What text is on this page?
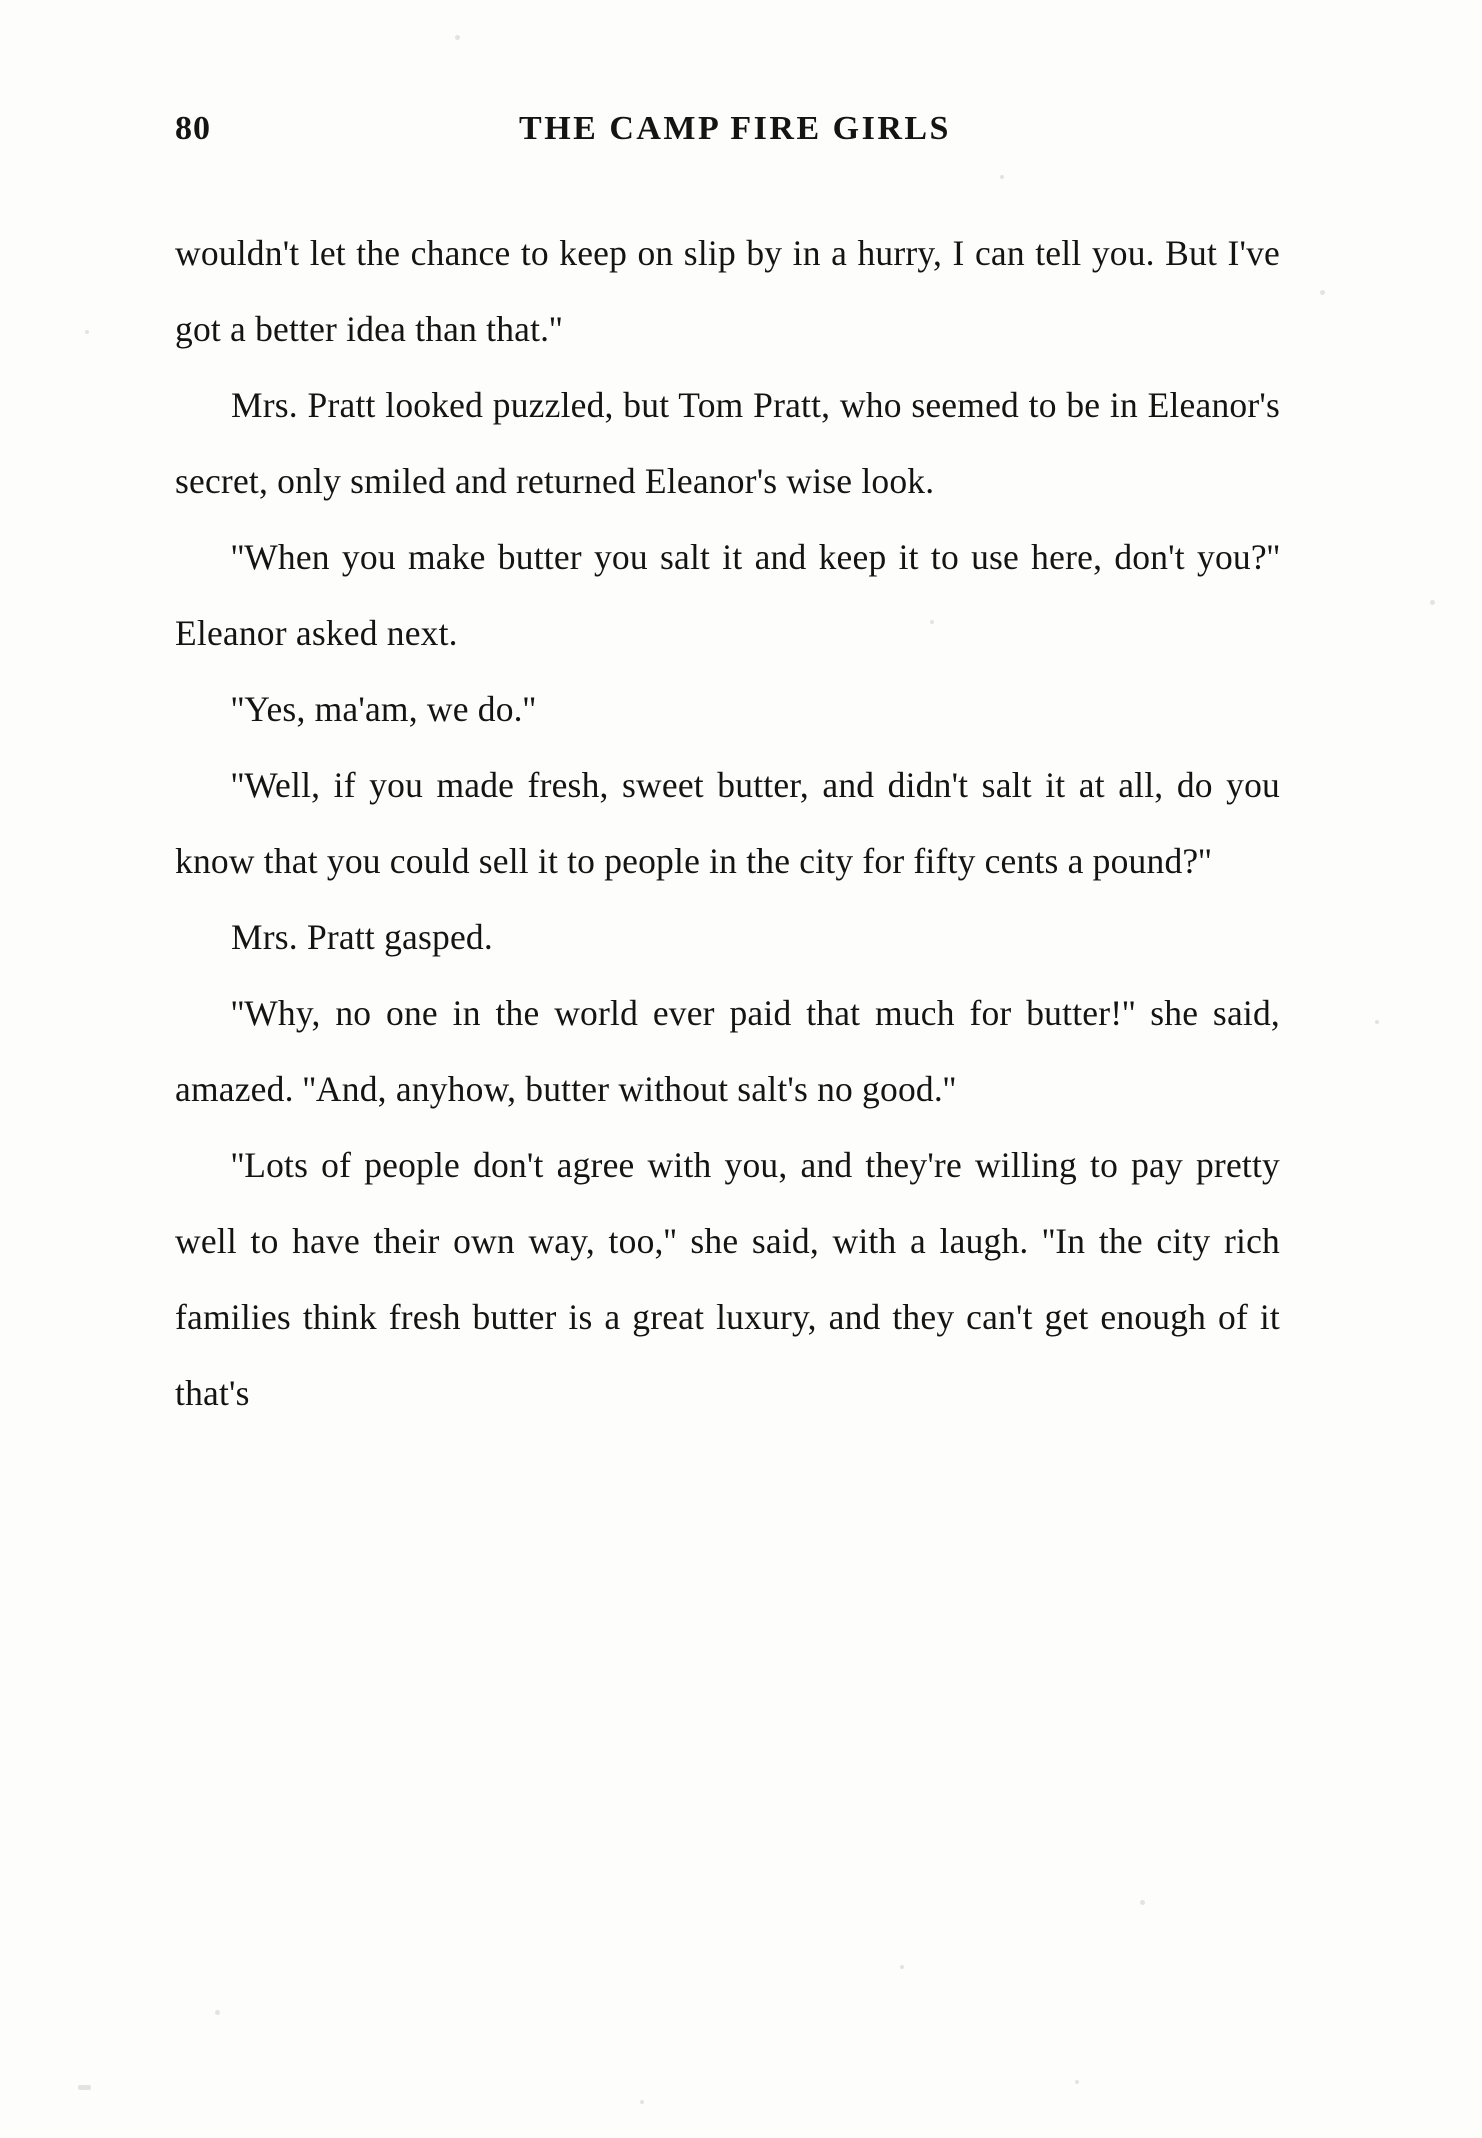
80	THE CAMP FIRE GIRLS

wouldn't let the chance to keep on slip by in a hurry, I can tell you. But I've got a better idea than that.''

Mrs. Pratt looked puzzled, but Tom Pratt, who seemed to be in Eleanor's secret, only smiled and returned Eleanor's wise look.

''When you make butter you salt it and keep it to use here, don't you?'' Eleanor asked next.

''Yes, ma'am, we do.''

''Well, if you made fresh, sweet butter, and didn't salt it at all, do you know that you could sell it to people in the city for fifty cents a pound?''

Mrs. Pratt gasped.

''Why, no one in the world ever paid that much for butter!'' she said, amazed. ''And, anyhow, butter without salt's no good.''

''Lots of people don't agree with you, and they're willing to pay pretty well to have their own way, too,'' she said, with a laugh. ''In the city rich families think fresh butter is a great luxury, and they can't get enough of it that's
